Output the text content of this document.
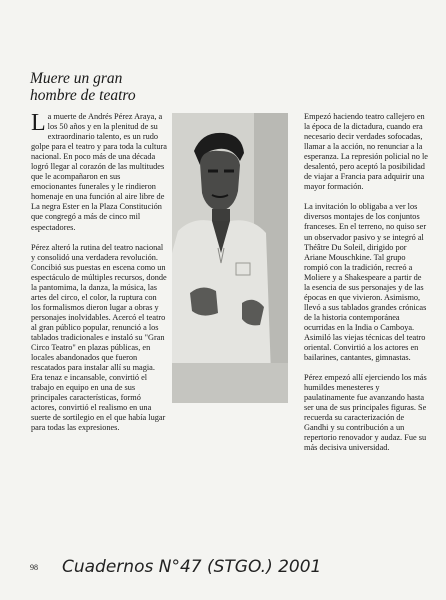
Muere un gran
hombre de teatro

La muerte de Andrés Pérez Araya, a los 50 años y en la plenitud de su extraordinario talento, es un rudo golpe para el teatro y para toda la cultura nacional. En poco más de una década logró llegar al corazón de las multitudes que le acompañaron en sus emocionantes funerales y le rindieron homenaje en una función al aire libre de La negra Ester en la Plaza Constitución que congregó a más de cinco mil espectadores.

Pérez alteró la rutina del teatro nacional y consolidó una verdadera revolución. Concibió sus puestas en escena como un espectáculo de múltiples recursos, donde la pantomima, la danza, la música, las artes del circo, el color, la ruptura con los formalismos dieron lugar a obras y personajes inolvidables. Acercó el teatro al gran público popular, renunció a los tablados tradicionales e instaló su "Gran Circo Teatro" en plazas públicas, en locales abandonados que fueron rescatados para instalar allí su magia. Era tenaz e incansable, convirtió el trabajo en equipo en una de sus principales características, formó actores, convirtió el realismo en una suerte de sortilegio en el que había lugar para todas las expresiones.

Empezó haciendo teatro callejero en la época de la dictadura, cuando era necesario decir verdades sofocadas, llamar a la acción, no renunciar a la esperanza. La represión policial no le desalentó, pero aceptó la posibilidad de viajar a Francia para adquirir una mayor formación.

La invitación lo obligaba a ver los diversos montajes de los conjuntos franceses. En el terreno, no quiso ser un observador pasivo y se integró al Théâtre Du Soleil, dirigido por Ariane Mouschkine. Tal grupo rompió con la tradición, recreó a Moliere y a Shakespeare a partir de la esencia de sus personajes y de las épocas en que vivieron. Asimismo, llevó a sus tablados grandes crónicas de la historia contemporánea ocurridas en la India o Camboya. Asimiló las viejas técnicas del teatro oriental. Convirtió a los actores en bailarines, cantantes, gimnastas.

Pérez empezó allí ejerciendo los más humildes menesteres y paulatinamente fue avanzando hasta ser una de sus principales figuras. Se recuerda su caracterización de Gandhi y su contribución a un repertorio renovador y audaz. Fue su más decisiva universidad.

98 Cuadernos N°47 (STGO.) 2001
